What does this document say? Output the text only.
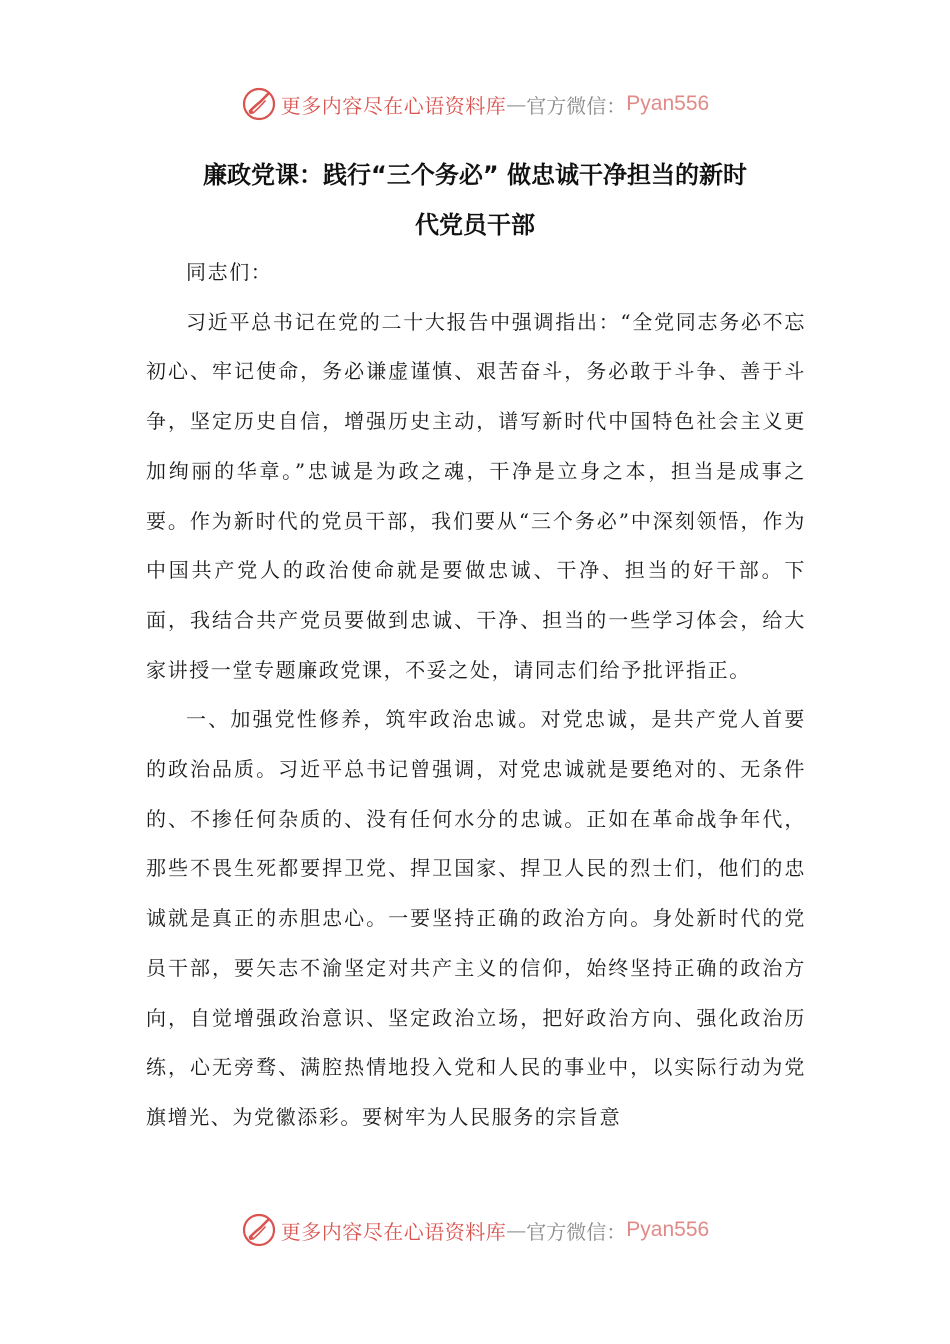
更多内容尽在心语资料库 — 官方微信： Pyan556
廉政党课：践行“三个务必” 做忠诚干净担当的新时
代党员干部

同志们：

习近平总书记在党的二十大报告中强调指出：“全党同志务必不忘初心、牢记使命，务必谦虚谨慎、艰苦奋斗，务必敢于斗争、善于斗争，坚定历史自信，增强历史主动，谱写新时代中国特色社会主义更加绚丽的华章。”忠诚是为政之魂，干净是立身之本，担当是成事之要。作为新时代的党员干部，我们要从“三个务必”中深刻领悟，作为中国共产党人的政治使命就是要做忠诚、干净、担当的好干部。下面，我结合共产党员要做到忠诚、干净、担当的一些学习体会，给大家讲授一堂专题廉政党课，不妥之处，请同志们给予批评指正。

一、加强党性修养，筑牢政治忠诚。对党忠诚，是共产党人首要的政治品质。习近平总书记曾强调，对党忠诚就是要绝对的、无条件的、不掺任何杂质的、没有任何水分的忠诚。正如在革命战争年代，那些不畏生死都要捍卫党、捍卫国家、捍卫人民的烈士们，他们的忠诚就是真正的赤胆忠心。一要坚持正确的政治方向。身处新时代的党员干部，要矢志不渝坚定对共产主义的信仰，始终坚持正确的政治方向，自觉增强政治意识、坚定政治立场，把好政治方向、强化政治历练，心无旁骛、满腔热情地投入党和人民的事业中，以实际行动为党旗增光、为党徽添彩。要树牢为人民服务的宗旨意

更多内容尽在心语资料库 — 官方微信： Pyan556
